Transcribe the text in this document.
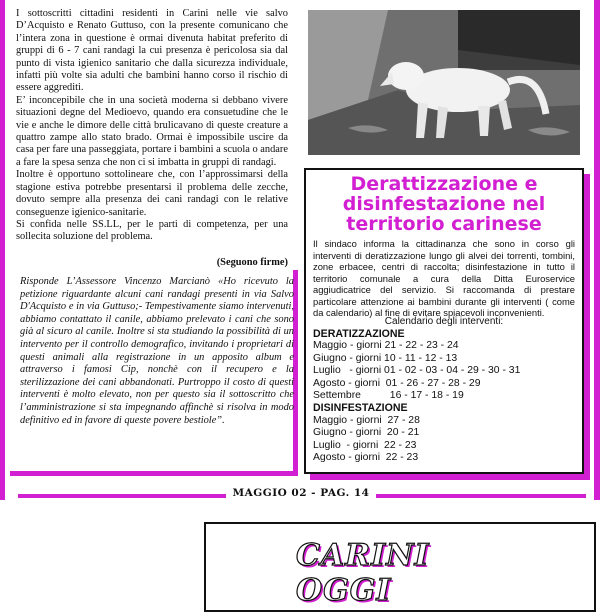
I sottoscritti cittadini residenti in Carini nelle vie salvo D’Acquisto e Renato Guttuso, con la presente comunicano che l’intera zona in questione è ormai divenuta habitat preferito di gruppi di 6 - 7 cani randagi la cui presenza è pericolosa sia dal punto di vista igienico sanitario che dalla sicurezza individuale, infatti più volte sia adulti che bambini hanno corso il rischio di essere aggrediti.

E’ inconcepibile che in una società moderna si debbano vivere situazioni degne del Medioevo, quando era consuetudine che le vie e anche le dimore delle città brulicavano di queste creature a quattro zampe allo stato brado. Ormai è impossibile uscire da casa per fare una passeggiata, portare i bambini a scuola o andare a fare la spesa senza che non ci si imbatta in gruppi di randagi.

Inoltre è opportuno sottolineare che, con l’approssimarsi della stagione estiva potrebbe presentarsi il problema delle zecche, dovuto sempre alla presenza dei cani randagi con le relative conseguenze igienico-sanitarie.

Si confida nelle SS.LL, per le parti di competenza, per una sollecita soluzione del problema.

(Seguono firme)
Risponde L’Assessore Vincenzo Marcianò «Ho ricevuto la petizione riguardante alcuni cani randagi presenti in via Salvo D'Acquisto e in via Guttuso;- Tempestivamente siamo intervenuti, abbiamo contattato il canile, abbiamo prelevato i cani che sono già al sicuro al canile. Inoltre si sta studiando la possibilità di un intervento per il controllo demografico, invitando i proprietari di questi animali alla registrazione in un apposito album e attraverso i famosi Cip, nonchè con il recupero e la sterilizzazione dei cani abbandonati. Purtroppo il costo di questi interventi è molto elevato, non per questo sia il sottoscritto che l’amministrazione si sta impegnando affinchè si risolva in modo definitivo ed in favore di queste povere bestiole”.
Derattizzazione e disinfestazione nel territorio carinese
Il sindaco informa la cittadinanza che sono in corso gli interventi di deratizzazione lungo gli alvei dei torrenti, tombini, zone erbacee, centri di raccolta; disinfestazione in tutto il territorio comunale a cura della Ditta Euroservice aggiudicatrice del servizio. Si raccomanda di prestare particolare attenzione ai bambini durante gli interventi ( come da calendario) al fine di evitare spiacevoli inconvenienti.
Calendario degli interventi:
DERATIZZAZIONE
Maggio - giorni 21 - 22 - 23 - 24
Giugno - giorni 10 - 11 - 12 - 13
Luglio   - giorni 01 - 02 - 03 - 04 - 29 - 30 - 31
Agosto - giorni  01 - 26 - 27 - 28 - 29
Settembre          16 - 17 - 18 - 19
DISINFESTAZIONE
Maggio - giorni  27 - 28
Giugno - giorni  20 - 21
Luglio  - giorni  22 - 23
Agosto - giorni  22 - 23
MAGGIO 02 - PAG. 14
CARINI OGGI
